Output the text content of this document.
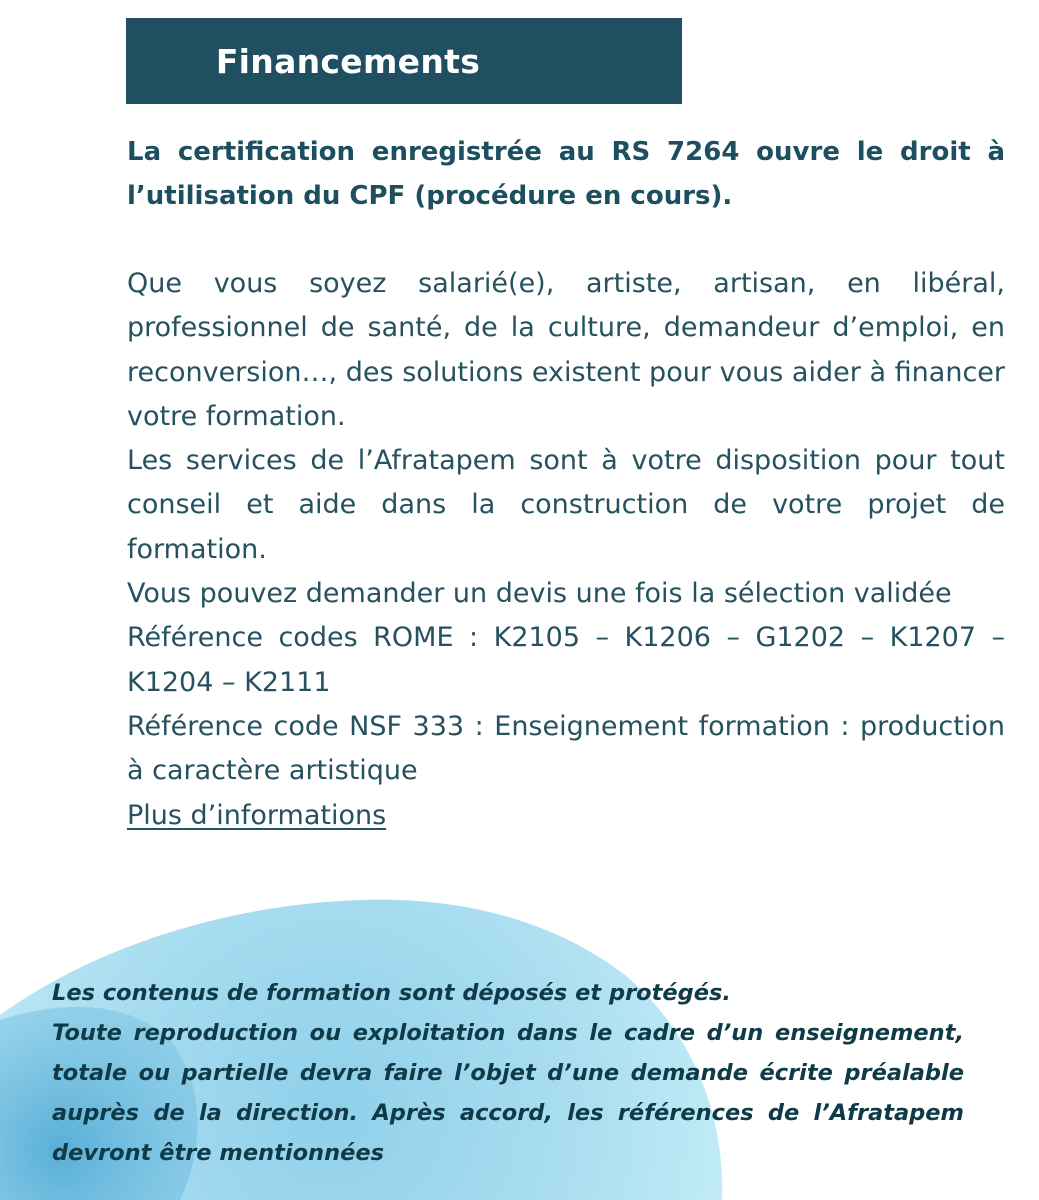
Financements

La certification enregistrée au RS 7264 ouvre le droit à l’utilisation du CPF (procédure en cours).

Que vous soyez salarié(e), artiste, artisan, en libéral, professionnel de santé, de la culture, demandeur d’emploi, en reconversion…, des solutions existent pour vous aider à financer votre formation.

Les services de l’Afratapem sont à votre disposition pour tout conseil et aide dans la construction de votre projet de formation.

Vous pouvez demander un devis une fois la sélection validée

Référence codes ROME : K2105 – K1206 – G1202 – K1207 – K1204 – K2111

Référence code NSF 333 : Enseignement formation : production à caractère artistique

Plus d’informations

Les contenus de formation sont déposés et protégés.

Toute reproduction ou exploitation dans le cadre d’un enseignement, totale ou partielle devra faire l’objet d’une demande écrite préalable auprès de la direction. Après accord, les références de l’Afratapem devront être mentionnées
